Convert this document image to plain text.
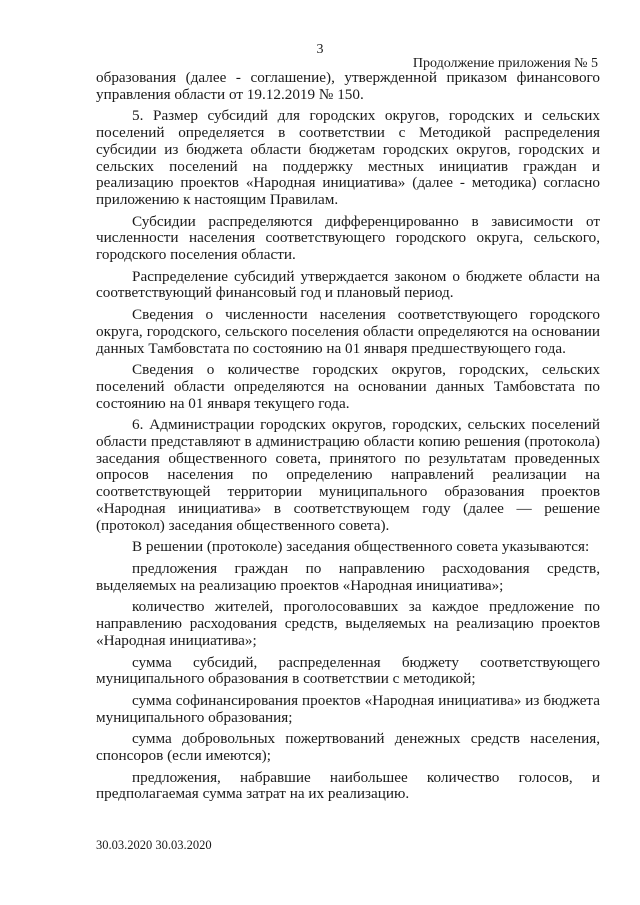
3
Продолжение приложения № 5

образования (далее - соглашение), утвержденной приказом финансового управления области от 19.12.2019 № 150.

5. Размер субсидий для городских округов, городских и сельских поселений определяется в соответствии с Методикой распределения субсидии из бюджета области бюджетам городских округов, городских и сельских поселений на поддержку местных инициатив граждан и реализацию проектов «Народная инициатива» (далее - методика) согласно приложению к настоящим Правилам.

Субсидии распределяются дифференцированно в зависимости от численности населения соответствующего городского округа, сельского, городского поселения области.

Распределение субсидий утверждается законом о бюджете области на соответствующий финансовый год и плановый период.

Сведения о численности населения соответствующего городского округа, городского, сельского поселения области определяются на основании данных Тамбовстата по состоянию на 01 января предшествующего года.

Сведения о количестве городских округов, городских, сельских поселений области определяются на основании данных Тамбовстата по состоянию на 01 января текущего года.

6. Администрации городских округов, городских, сельских поселений области представляют в администрацию области копию решения (протокола) заседания общественного совета, принятого по результатам проведенных опросов населения по определению направлений реализации на соответствующей территории муниципального образования проектов «Народная инициатива» в соответствующем году (далее — решение (протокол) заседания общественного совета).

В решении (протоколе) заседания общественного совета указываются:

предложения граждан по направлению расходования средств, выделяемых на реализацию проектов «Народная инициатива»;

количество жителей, проголосовавших за каждое предложение по направлению расходования средств, выделяемых на реализацию проектов «Народная инициатива»;

сумма субсидий, распределенная бюджету соответствующего муниципального образования в соответствии с методикой;

сумма софинансирования проектов «Народная инициатива» из бюджета муниципального образования;

сумма добровольных пожертвований денежных средств населения, спонсоров (если имеются);

предложения, набравшие наибольшее количество голосов, и предполагаемая сумма затрат на их реализацию.

30.03.2020 30.03.2020
